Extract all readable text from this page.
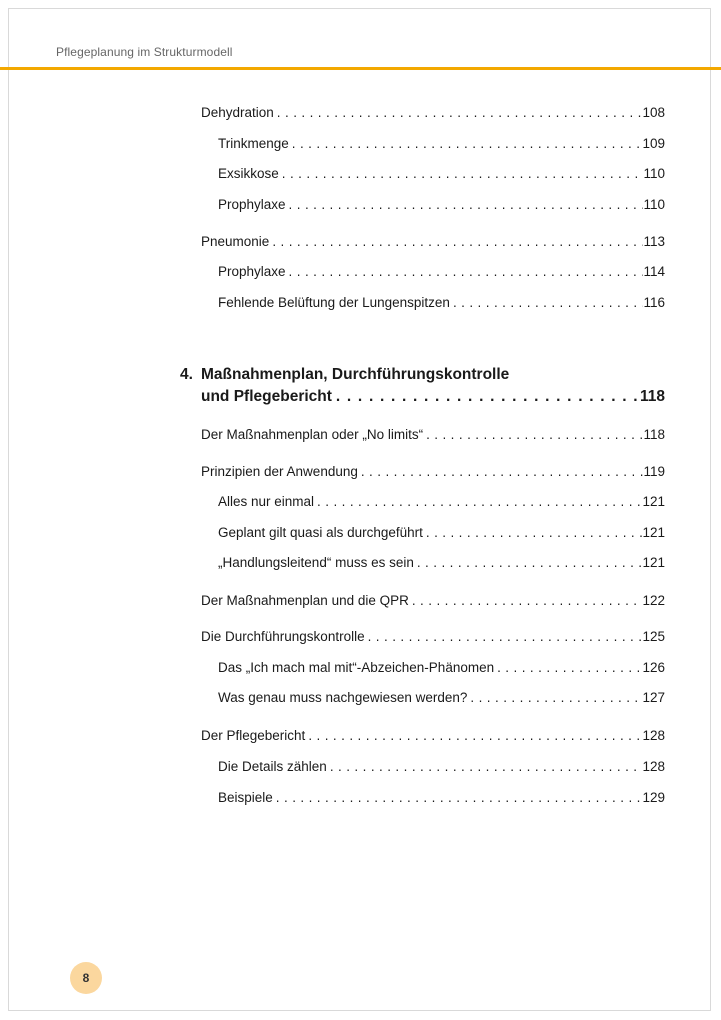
Pflegeplanung im Strukturmodell
Dehydration . . .	108
Trinkmenge . . .	109
Exsikkose . . .	110
Prophylaxe . . .	110
Pneumonie . . .	113
Prophylaxe . . .	114
Fehlende Belüftung der Lungenspitzen . . .	116
4. Maßnahmenplan, Durchführungskontrolle
und Pflegebericht . . .	118
Der Maßnahmenplan oder „No limits“ . . .	118
Prinzipien der Anwendung . . .	119
Alles nur einmal . . .	121
Geplant gilt quasi als durchgeführt . . .	121
„Handlungsleitend“ muss es sein . . .	121
Der Maßnahmenplan und die QPR . . .	122
Die Durchführungskontrolle . . .	125
Das „Ich mach mal mit“-Abzeichen-Phänomen . . .	126
Was genau muss nachgewiesen werden? . . .	127
Der Pflegebericht . . .	128
Die Details zählen . . .	128
Beispiele . . .	129
8
